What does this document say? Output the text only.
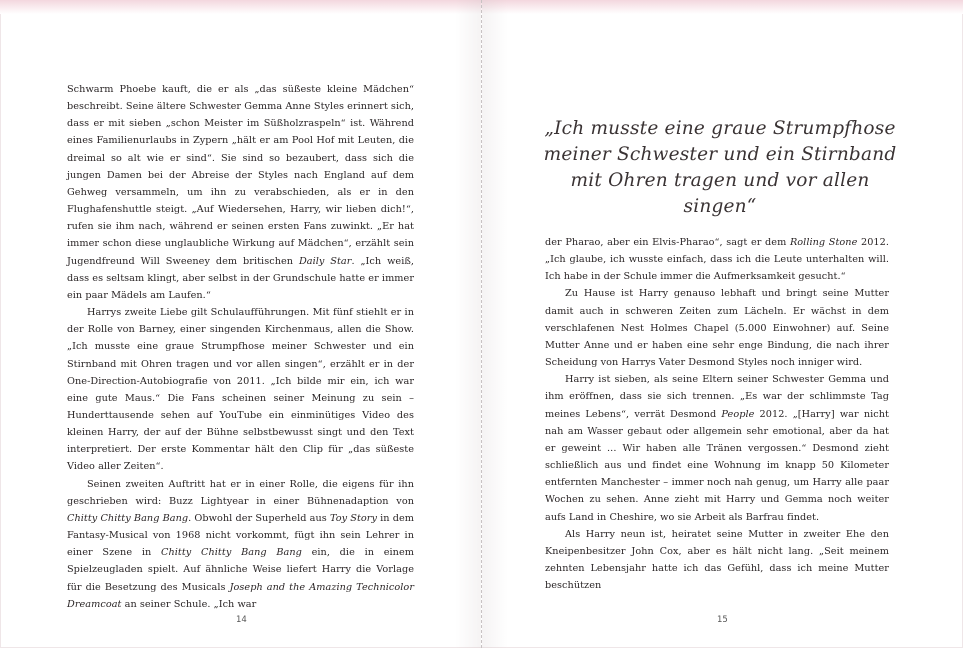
Schwarm Phoebe kauft, die er als „das süßeste kleine Mädchen“ beschreibt. Seine ältere Schwester Gemma Anne Styles erinnert sich, dass er mit sieben „schon Meister im Süßholzraspeln“ ist. Während eines Familienurlaubs in Zypern „hält er am Pool Hof mit Leuten, die dreimal so alt wie er sind“. Sie sind so bezaubert, dass sich die jungen Damen bei der Abreise der Styles nach England auf dem Gehweg versammeln, um ihn zu verabschieden, als er in den Flughafenshuttle steigt. „Auf Wiedersehen, Harry, wir lieben dich!“, rufen sie ihm nach, während er seinen ersten Fans zuwinkt. „Er hat immer schon diese unglaubliche Wirkung auf Mädchen“, erzählt sein Jugendfreund Will Sweeney dem britischen Daily Star. „Ich weiß, dass es seltsam klingt, aber selbst in der Grundschule hatte er immer ein paar Mädels am Laufen.“

Harrys zweite Liebe gilt Schulaufführungen. Mit fünf stiehlt er in der Rolle von Barney, einer singenden Kirchenmaus, allen die Show. „Ich musste eine graue Strumpfhose meiner Schwester und ein Stirnband mit Ohren tragen und vor allen singen“, erzählt er in der One-Direction-Autobiografie von 2011. „Ich bilde mir ein, ich war eine gute Maus.“ Die Fans scheinen seiner Meinung zu sein – Hunderttausende sehen auf YouTube ein einminütiges Video des kleinen Harry, der auf der Bühne selbstbewusst singt und den Text interpretiert. Der erste Kommentar hält den Clip für „das süßeste Video aller Zeiten“.

Seinen zweiten Auftritt hat er in einer Rolle, die eigens für ihn geschrieben wird: Buzz Lightyear in einer Bühnenadaption von Chitty Chitty Bang Bang. Obwohl der Superheld aus Toy Story in dem Fantasy-Musical von 1968 nicht vorkommt, fügt ihn sein Lehrer in einer Szene in Chitty Chitty Bang Bang ein, die in einem Spielzeugladen spielt. Auf ähnliche Weise liefert Harry die Vorlage für die Besetzung des Musicals Joseph and the Amazing Technicolor Dreamcoat an seiner Schule. „Ich war

„Ich musste eine graue Strumpfhose meiner Schwester und ein Stirnband mit Ohren tragen und vor allen singen“

der Pharao, aber ein Elvis-Pharao“, sagt er dem Rolling Stone 2012. „Ich glaube, ich wusste einfach, dass ich die Leute unterhalten will. Ich habe in der Schule immer die Aufmerksamkeit gesucht.“

Zu Hause ist Harry genauso lebhaft und bringt seine Mutter damit auch in schweren Zeiten zum Lächeln. Er wächst in dem verschlafenen Nest Holmes Chapel (5.000 Einwohner) auf. Seine Mutter Anne und er haben eine sehr enge Bindung, die nach ihrer Scheidung von Harrys Vater Desmond Styles noch inniger wird.

Harry ist sieben, als seine Eltern seiner Schwester Gemma und ihm eröffnen, dass sie sich trennen. „Es war der schlimmste Tag meines Lebens“, verrät Desmond People 2012. „[Harry] war nicht nah am Wasser gebaut oder allgemein sehr emotional, aber da hat er geweint ... Wir haben alle Tränen vergossen.“ Desmond zieht schließlich aus und findet eine Wohnung im knapp 50 Kilometer entfernten Manchester – immer noch nah genug, um Harry alle paar Wochen zu sehen. Anne zieht mit Harry und Gemma noch weiter aufs Land in Cheshire, wo sie Arbeit als Barfrau findet.

Als Harry neun ist, heiratet seine Mutter in zweiter Ehe den Kneipenbesitzer John Cox, aber es hält nicht lang. „Seit meinem zehnten Lebensjahr hatte ich das Gefühl, dass ich meine Mutter beschützen

14	15
